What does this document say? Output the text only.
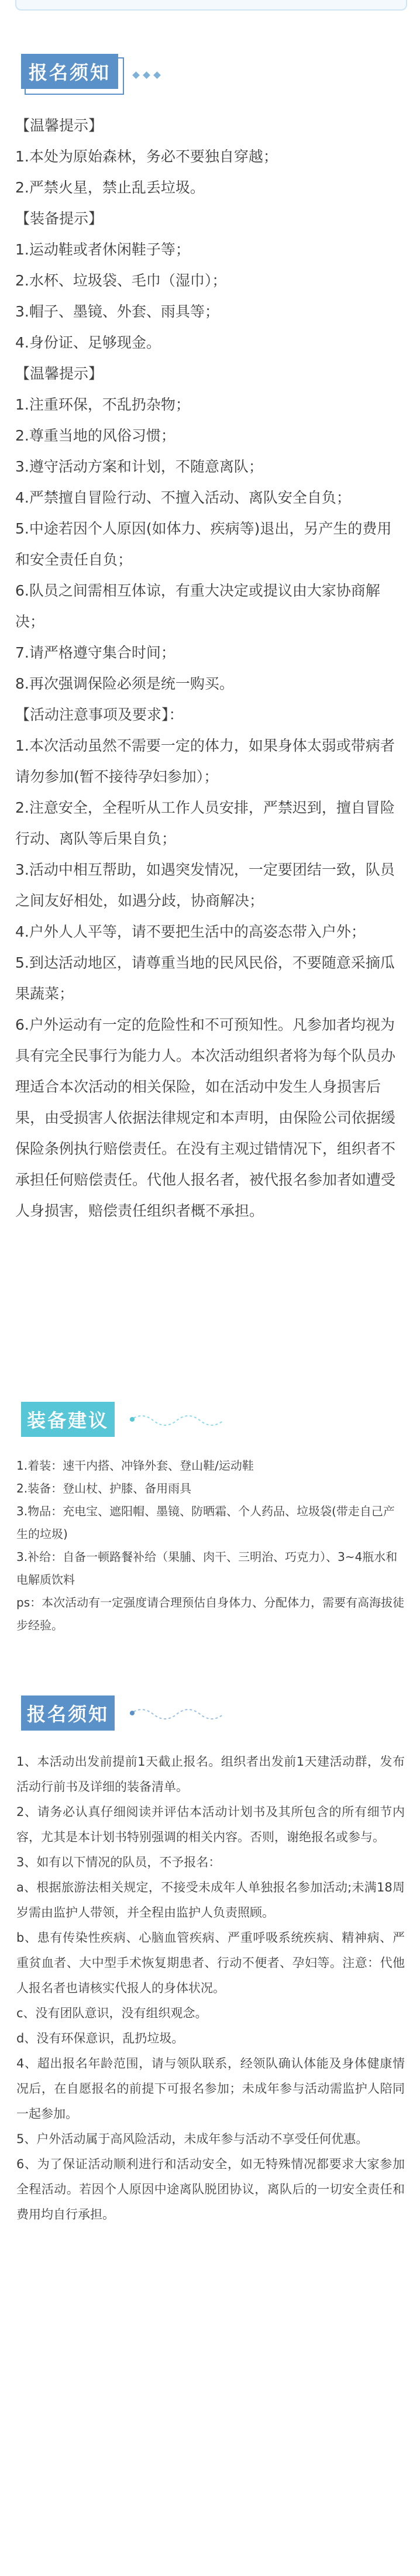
报名须知

【温馨提示】

1.本处为原始森林，务必不要独自穿越；

2.严禁火星，禁止乱丢垃圾。

【装备提示】

1.运动鞋或者休闲鞋子等；

2.水杯、垃圾袋、毛巾（湿巾）；

3.帽子、墨镜、外套、雨具等；

4.身份证、足够现金。

【温馨提示】

1.注重环保，不乱扔杂物；

2.尊重当地的风俗习惯；

3.遵守活动方案和计划，不随意离队；

4.严禁擅自冒险行动、不擅入活动、离队安全自负；

5.中途若因个人原因(如体力、疾病等)退出，另产生的费用和安全责任自负；

6.队员之间需相互体谅，有重大决定或提议由大家协商解决；

7.请严格遵守集合时间；

8.再次强调保险必须是统一购买。

【活动注意事项及要求】：

1.本次活动虽然不需要一定的体力，如果身体太弱或带病者请勿参加(暂不接待孕妇参加）；

2.注意安全，全程听从工作人员安排，严禁迟到，擅自冒险行动、离队等后果自负；

3.活动中相互帮助，如遇突发情况，一定要团结一致，队员之间友好相处，如遇分歧，协商解决；

4.户外人人平等，请不要把生活中的高姿态带入户外；

5.到达活动地区，请尊重当地的民风民俗，不要随意采摘瓜果蔬菜；

6.户外运动有一定的危险性和不可预知性。凡参加者均视为具有完全民事行为能力人。本次活动组织者将为每个队员办理适合本次活动的相关保险，如在活动中发生人身损害后果，由受损害人依据法律规定和本声明，由保险公司依据缓保险条例执行赔偿责任。在没有主观过错情况下，组织者不承担任何赔偿责任。代他人报名者，被代报名参加者如遭受人身损害，赔偿责任组织者概不承担。

装备建议

1.着装：速干内搭、冲锋外套、登山鞋/运动鞋

2.装备：登山杖、护膝、备用雨具

3.物品：充电宝、遮阳帽、墨镜、防晒霜、个人药品、垃圾袋(带走自己产生的垃圾)

3.补给：自备一顿路餐补给（果脯、肉干、三明治、巧克力）、3~4瓶水和电解质饮料

ps：本次活动有一定强度请合理预估自身体力、分配体力，需要有高海拔徒步经验。

报名须知

1、本活动出发前提前1天截止报名。组织者出发前1天建活动群，发布活动行前书及详细的装备清单。

2、请务必认真仔细阅读并评估本活动计划书及其所包含的所有细节内容，尤其是本计划书特别强调的相关内容。否则，谢绝报名或参与。

3、如有以下情况的队员，不予报名：

a、根据旅游法相关规定，不接受未成年人单独报名参加活动;未满18周岁需由监护人带领，并全程由监护人负责照顾。

b、患有传染性疾病、心脑血管疾病、严重呼吸系统疾病、精神病、严重贫血者、大中型手术恢复期患者、行动不便者、孕妇等。注意：代他人报名者也请核实代报人的身体状况。

c、没有团队意识，没有组织观念。

d、没有环保意识，乱扔垃圾。

4、超出报名年龄范围，请与领队联系，经领队确认体能及身体健康情况后，在自愿报名的前提下可报名参加；未成年参与活动需监护人陪同一起参加。

5、户外活动属于高风险活动，未成年参与活动不享受任何优惠。

6、为了保证活动顺利进行和活动安全，如无特殊情况都要求大家参加全程活动。若因个人原因中途离队脱团协议，离队后的一切安全责任和费用均自行承担。
